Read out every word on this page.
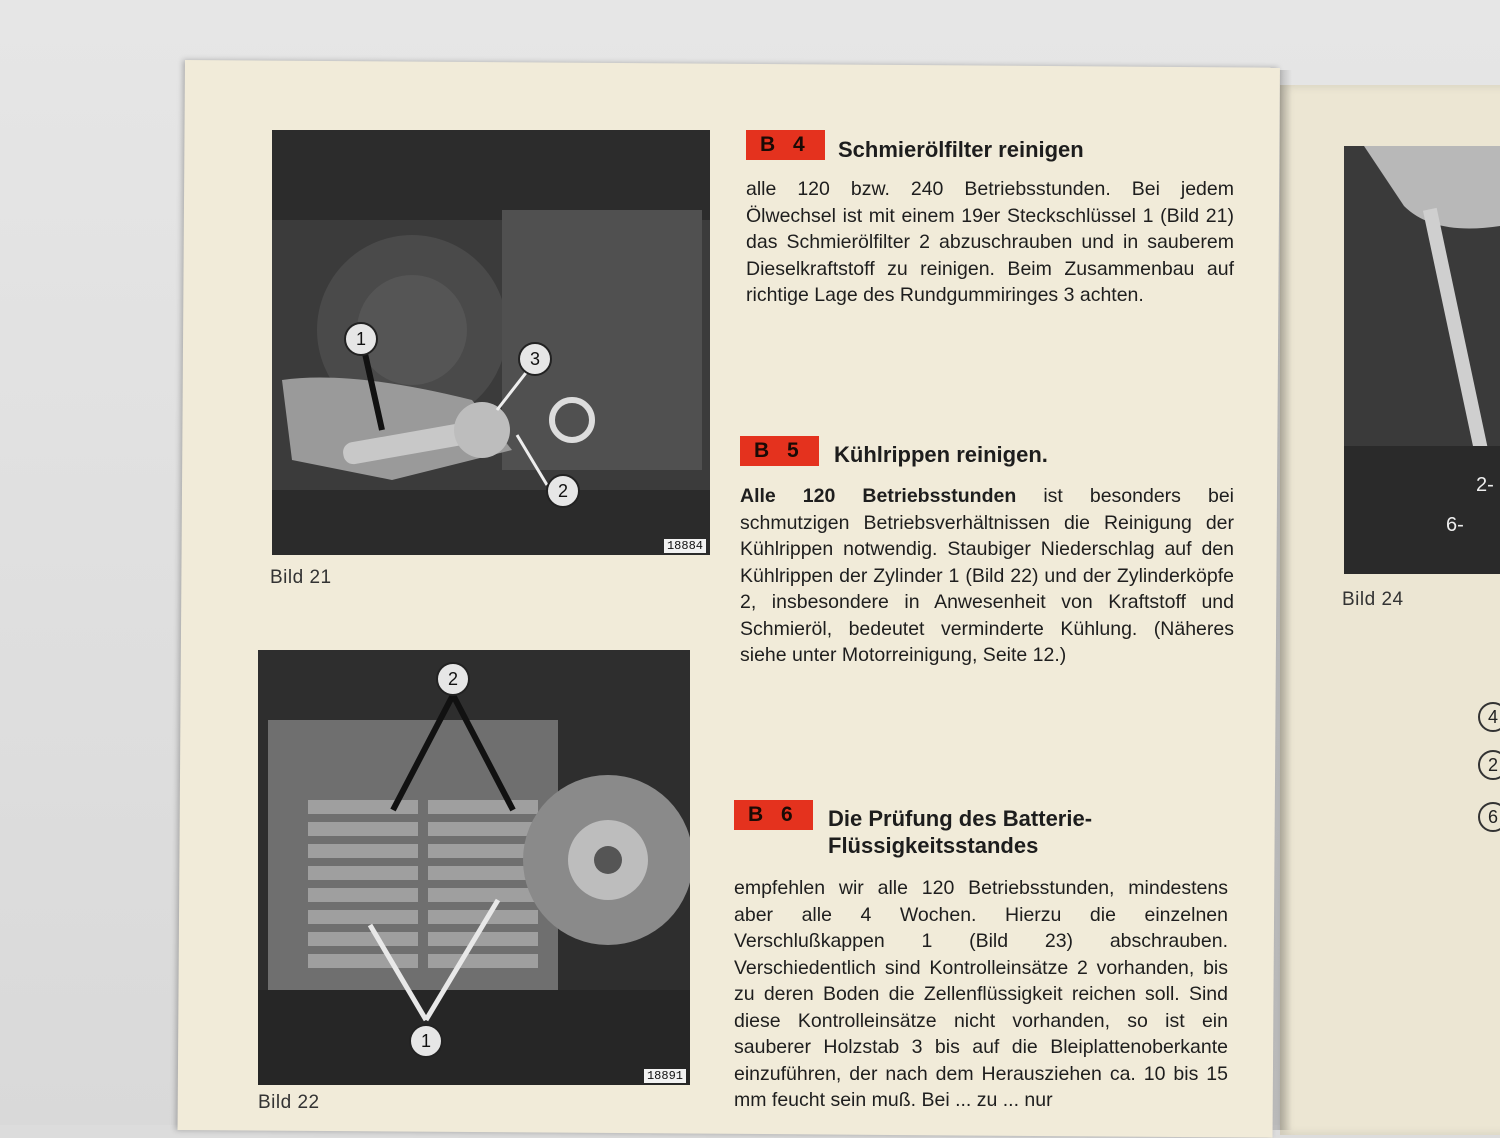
18884
1
3
2
Bild 21
18891
2
1
Bild 22
B 4	Schmierölfilter reinigen
alle 120 bzw. 240 Betriebsstunden. Bei jedem Ölwechsel ist mit einem 19er Steckschlüssel 1 (Bild 21) das Schmierölfilter 2 abzuschrauben und in sauberem Dieselkraftstoff zu reinigen. Beim Zusammenbau auf richtige Lage des Rundgummiringes 3 achten.
B 5	Kühlrippen reinigen.
Alle 120 Betriebsstunden ist besonders bei schmutzigen Betriebsverhältnissen die Reinigung der Kühlrippen notwendig. Staubiger Niederschlag auf den Kühlrippen der Zylinder 1 (Bild 22) und der Zylinderköpfe 2, insbesondere in Anwesenheit von Kraftstoff und Schmieröl, bedeutet verminderte Kühlung. (Näheres siehe unter Motorreinigung, Seite 12.)
B 6	Die Prüfung des Batterie-Flüssigkeitsstandes
empfehlen wir alle 120 Betriebsstunden, mindestens aber alle 4 Wochen. Hierzu die einzelnen Verschlußkappen 1 (Bild 23) abschrauben. Verschiedentlich sind Kontrolleinsätze 2 vorhanden, bis zu deren Boden die Zellenflüssigkeit reichen soll. Sind diese Kontrolleinsätze nicht vorhanden, so ist ein sauberer Holzstab 3 bis auf die Bleiplattenoberkante einzuführen, der nach dem Herausziehen ca. 10 bis 15 mm feucht sein muß. Bei ... zu ... nur
2-
6-
Bild 24
4
2
6
